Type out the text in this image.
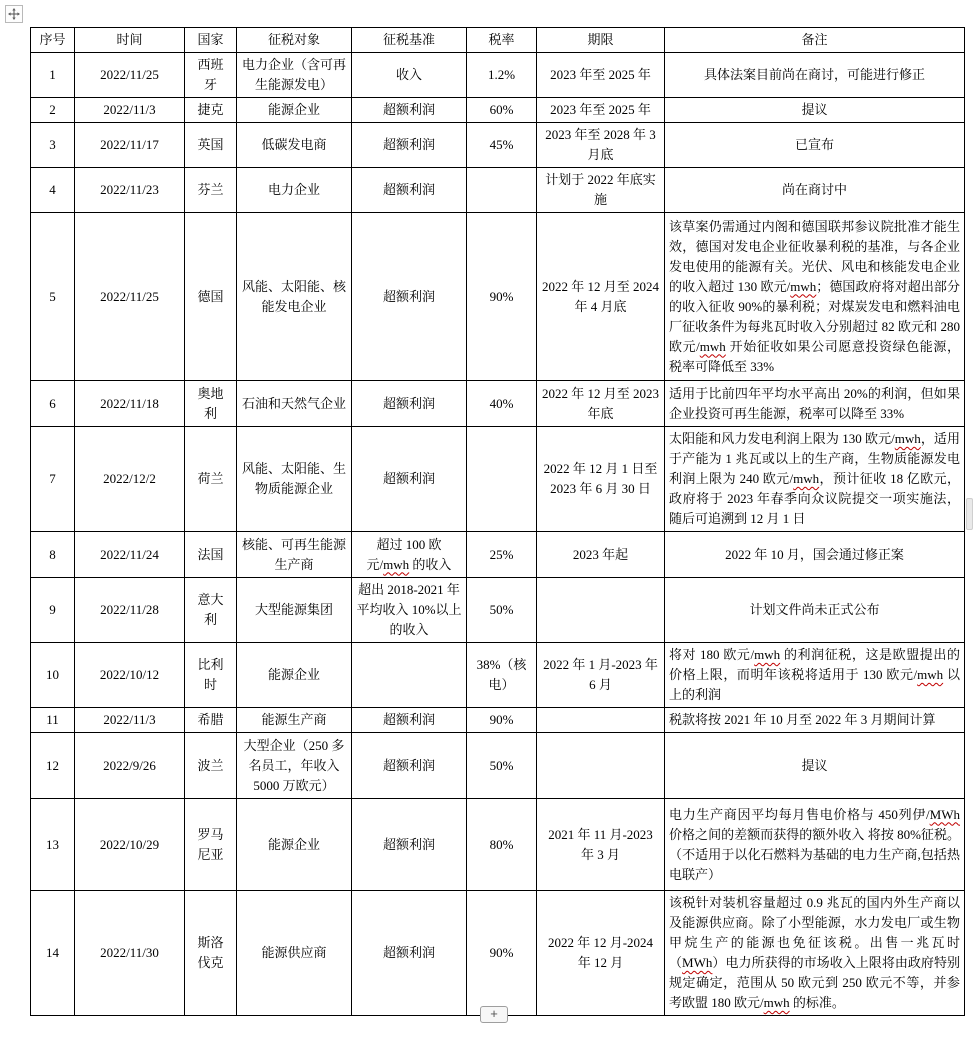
序号	时间	国家	征税对象	征税基准	税率	期限	备注
1	2022/11/25	西班牙	电力企业（含可再生能源发电）	收入	1.2%	2023 年至 2025 年	具体法案目前尚在商讨，可能进行修正
2	2022/11/3	捷克	能源企业	超额利润	60%	2023 年至 2025 年	提议
3	2022/11/17	英国	低碳发电商	超额利润	45%	2023 年至 2028 年 3 月底	已宣布
4	2022/11/23	芬兰	电力企业	超额利润		计划于 2022 年底实施	尚在商讨中
5	2022/11/25	德国	风能、太阳能、核能发电企业	超额利润	90%	2022 年 12 月至 2024 年 4 月底	该草案仍需通过内阁和德国联邦参议院批准才能生效，德国对发电企业征收暴利税的基准，与各企业发电使用的能源有关。光伏、风电和核能发电企业的收入超过 130 欧元/mwh；德国政府将对超出部分的收入征收 90%的暴利税；对煤炭发电和燃料油电厂征收条件为每兆瓦时收入分别超过 82 欧元和 280 欧元/mwh 开始征收如果公司愿意投资绿色能源，税率可降低至 33%
6	2022/11/18	奥地利	石油和天然气企业	超额利润	40%	2022 年 12 月至 2023 年底	适用于比前四年平均水平高出 20%的利润，但如果企业投资可再生能源，税率可以降至 33%
7	2022/12/2	荷兰	风能、太阳能、生物质能源企业	超额利润		2022 年 12 月 1 日至 2023 年 6 月 30 日	太阳能和风力发电利润上限为 130 欧元/mwh，适用于产能为 1 兆瓦或以上的生产商，生物质能源发电利润上限为 240 欧元/mwh，预计征收 18 亿欧元，政府将于 2023 年春季向众议院提交一项实施法，随后可追溯到 12 月 1 日
8	2022/11/24	法国	核能、可再生能源生产商	超过 100 欧元/mwh 的收入	25%	2023 年起	2022 年 10 月，国会通过修正案
9	2022/11/28	意大利	大型能源集团	超出 2018-2021 年平均收入 10%以上的收入	50%		计划文件尚未正式公布
10	2022/10/12	比利时	能源企业		38%（核电）	2022 年 1 月-2023 年 6 月	将对 180 欧元/mwh 的利润征税，这是欧盟提出的价格上限，而明年该税将适用于 130 欧元/mwh 以上的利润
11	2022/11/3	希腊	能源生产商	超额利润	90%		税款将按 2021 年 10 月至 2022 年 3 月期间计算
12	2022/9/26	波兰	大型企业（250 多名员工，年收入 5000 万欧元）	超额利润	50%		提议
13	2022/10/29	罗马尼亚	能源企业	超额利润	80%	2021 年 11 月-2023 年 3 月	电力生产商因平均每月售电价格与 450列伊/MWh 价格之间的差额而获得的额外收入 将按 80%征税。（不适用于以化石燃料为基础的电力生产商,包括热电联产）
14	2022/11/30	斯洛伐克	能源供应商	超额利润	90%	2022 年 12 月-2024 年 12 月	该税针对装机容量超过 0.9 兆瓦的国内外生产商以及能源供应商。除了小型能源，水力发电厂或生物甲烷生产的能源也免征该税。出售一兆瓦时（MWh）电力所获得的市场收入上限将由政府特别规定确定，范围从 50 欧元到 250 欧元不等，并参考欧盟 180 欧元/mwh 的标准。
+
